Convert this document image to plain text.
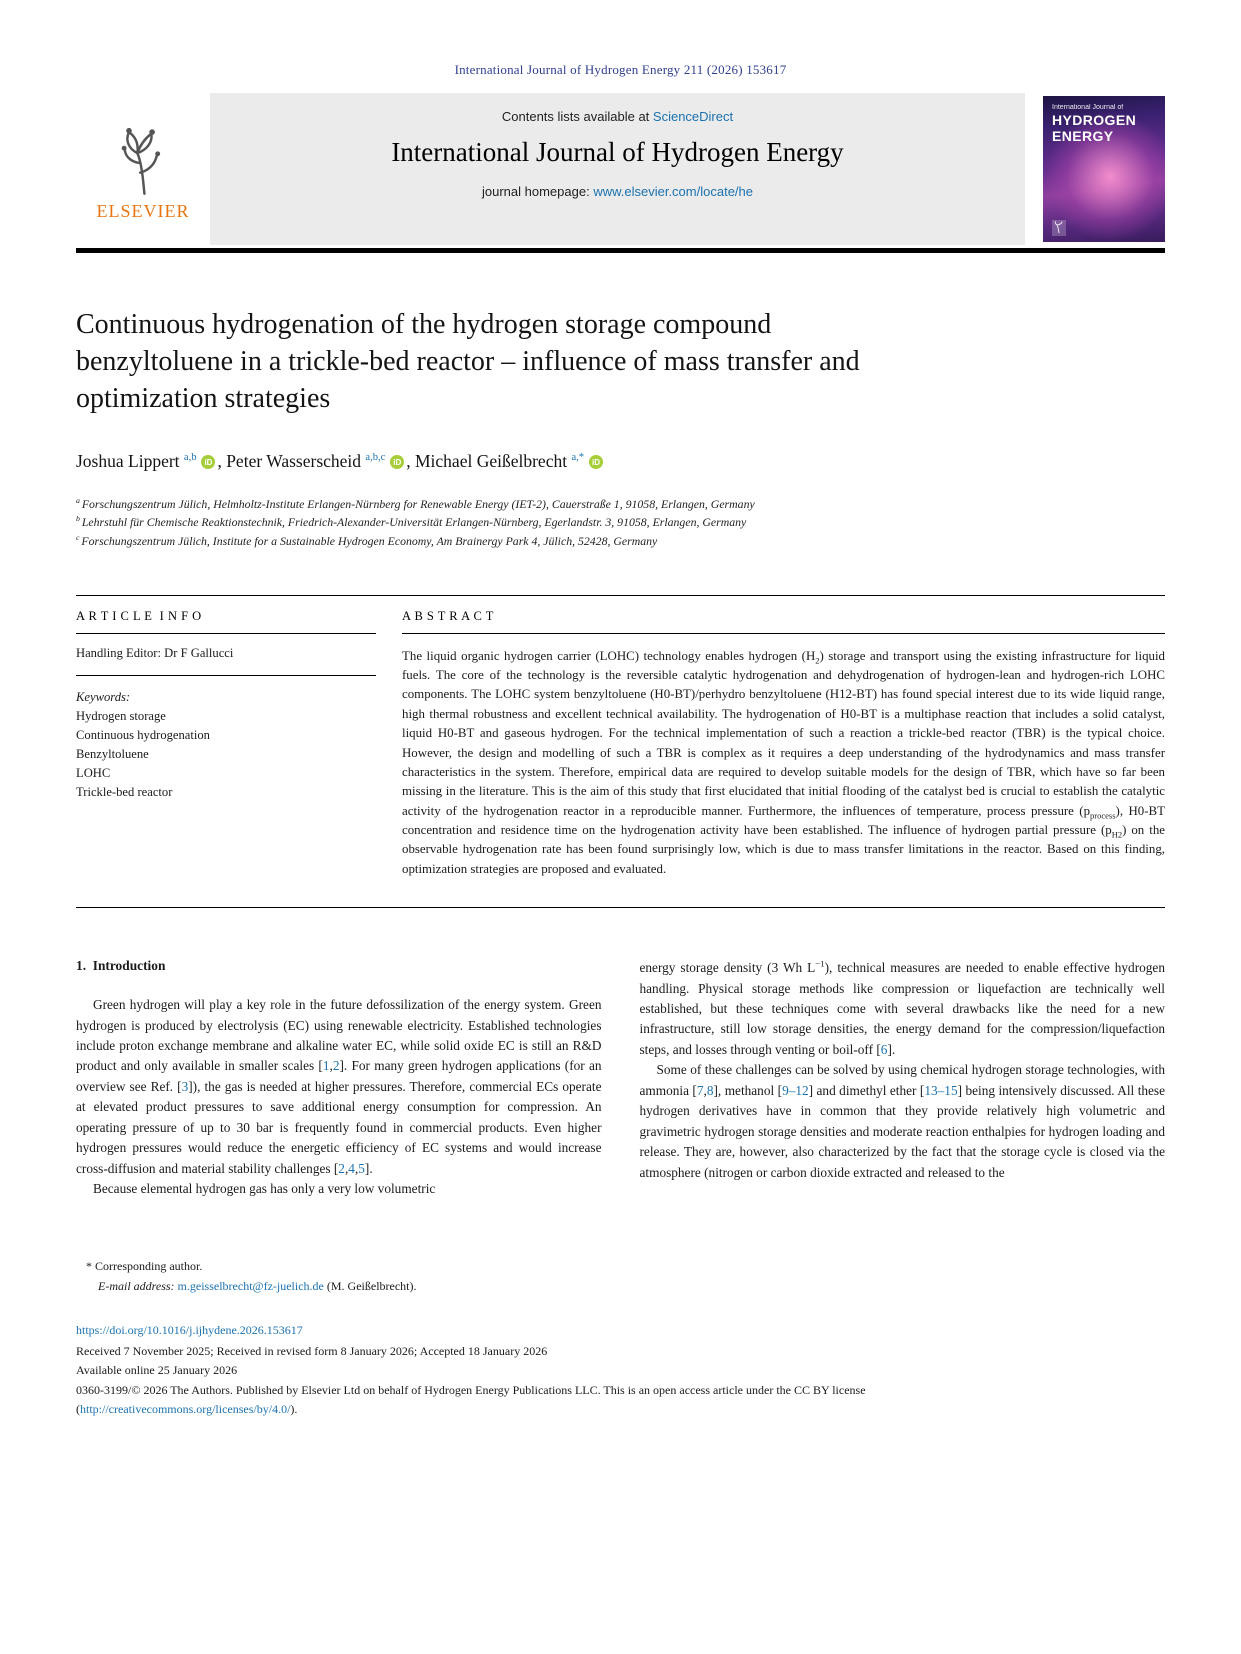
International Journal of Hydrogen Energy 211 (2026) 153617
ELSEVIER
Contents lists available at ScienceDirect
International Journal of Hydrogen Energy
journal homepage: www.elsevier.com/locate/he
International Journal of
HYDROGEN
ENERGY
Continuous hydrogenation of the hydrogen storage compound
benzyltoluene in a trickle-bed reactor – influence of mass transfer and
optimization strategies
Joshua Lippert $^{a,b}$ iD , Peter Wasserscheid $^{a,b,c}$ iD , Michael Geißelbrecht $^{a,*}$ iD
$^a$ Forschungszentrum Jülich, Helmholtz-Institute Erlangen-Nürnberg for Renewable Energy (IET-2), Cauerstraße 1, 91058, Erlangen, Germany
$^b$ Lehrstuhl für Chemische Reaktionstechnik, Friedrich-Alexander-Universität Erlangen-Nürnberg, Egerlandstr. 3, 91058, Erlangen, Germany
$^c$ Forschungszentrum Jülich, Institute for a Sustainable Hydrogen Economy, Am Brainergy Park 4, Jülich, 52428, Germany
A R T I C L E  I N F O
Handling Editor: Dr F Gallucci
Keywords:
Hydrogen storage
Continuous hydrogenation
Benzyltoluene
LOHC
Trickle-bed reactor
A B S T R A C T

The liquid organic hydrogen carrier (LOHC) technology enables hydrogen $(H_2)$ storage and transport using the existing infrastructure for liquid fuels. The core of the technology is the reversible catalytic hydrogenation and dehydrogenation of hydrogen-lean and hydrogen-rich LOHC components. The LOHC system benzyltoluene (H0-BT)/perhydro benzyltoluene (H12-BT) has found special interest due to its wide liquid range, high thermal robustness and excellent technical availability. The hydrogenation of H0-BT is a multiphase reaction that includes a solid catalyst, liquid H0-BT and gaseous hydrogen. For the technical implementation of such a reaction a trickle-bed reactor (TBR) is the typical choice. However, the design and modelling of such a TBR is complex as it requires a deep understanding of the hydrodynamics and mass transfer characteristics in the system. Therefore, empirical data are required to develop suitable models for the design of TBR, which have so far been missing in the literature. This is the aim of this study that first elucidated that initial flooding of the catalyst bed is crucial to establish the catalytic activity of the hydrogenation reactor in a reproducible manner. Furthermore, the influences of temperature, process pressure $(p_{process})$, H0-BT concentration and residence time on the hydrogenation activity have been established. The influence of hydrogen partial pressure $(p_{H2})$ on the observable hydrogenation rate has been found surprisingly low, which is due to mass transfer limitations in the reactor. Based on this finding, optimization strategies are proposed and evaluated.

1.  Introduction

Green hydrogen will play a key role in the future defossilization of the energy system. Green hydrogen is produced by electrolysis (EC) using renewable electricity. Established technologies include proton exchange membrane and alkaline water EC, while solid oxide EC is still an R&D product and only available in smaller scales [1,2]. For many green hydrogen applications (for an overview see Ref. [3]), the gas is needed at higher pressures. Therefore, commercial ECs operate at elevated product pressures to save additional energy consumption for compression. An operating pressure of up to 30 bar is frequently found in commercial products. Even higher hydrogen pressures would reduce the energetic efficiency of EC systems and would increase cross-diffusion and material stability challenges [2,4,5].

Because elemental hydrogen gas has only a very low volumetric

energy storage density (3 Wh $L^{-1}$), technical measures are needed to enable effective hydrogen handling. Physical storage methods like compression or liquefaction are technically well established, but these techniques come with several drawbacks like the need for a new infrastructure, still low storage densities, the energy demand for the compression/liquefaction steps, and losses through venting or boil-off [6].

Some of these challenges can be solved by using chemical hydrogen storage technologies, with ammonia [7,8], methanol [9–12] and dimethyl ether [13–15] being intensively discussed. All these hydrogen derivatives have in common that they provide relatively high volumetric and gravimetric hydrogen storage densities and moderate reaction enthalpies for hydrogen loading and release. They are, however, also characterized by the fact that the storage cycle is closed via the atmosphere (nitrogen or carbon dioxide extracted and released to the

* Corresponding author.
E-mail address: m.geisselbrecht@fz-juelich.de (M. Geißelbrecht).
https://doi.org/10.1016/j.ijhydene.2026.153617
Received 7 November 2025; Received in revised form 8 January 2026; Accepted 18 January 2026
Available online 25 January 2026
0360-3199/© 2026 The Authors. Published by Elsevier Ltd on behalf of Hydrogen Energy Publications LLC. This is an open access article under the CC BY license
(http://creativecommons.org/licenses/by/4.0/).
